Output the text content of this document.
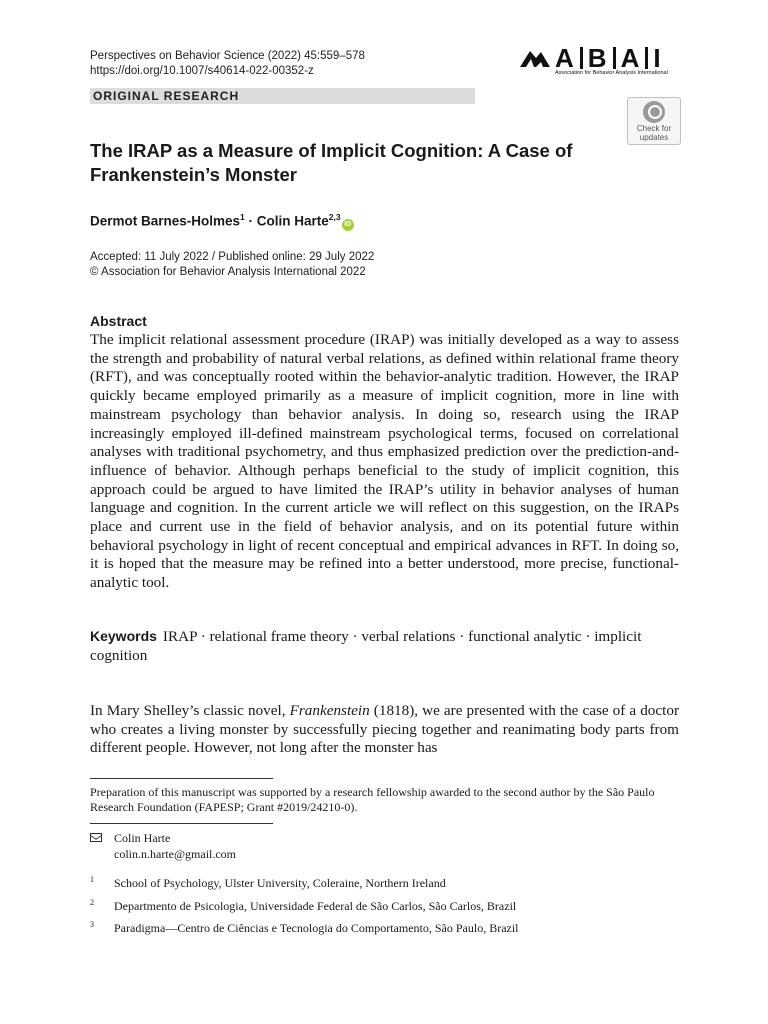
Perspectives on Behavior Science (2022) 45:559–578
https://doi.org/10.1007/s40614-022-00352-z	A B A I
Association for Behavior Analysis International
ORIGINAL RESEARCH
Check for
updates
The IRAP as a Measure of Implicit Cognition: A Case of Frankenstein’s Monster
Dermot Barnes-Holmes$^1$ · Colin Harte$^{2,3}$iD
Accepted: 11 July 2022 / Published online: 29 July 2022
© Association for Behavior Analysis International 2022
Abstract
The implicit relational assessment procedure (IRAP) was initially developed as a way to assess the strength and probability of natural verbal relations, as defined within relational frame theory (RFT), and was conceptually rooted within the behavior-analytic tradition. However, the IRAP quickly became employed primarily as a measure of implicit cognition, more in line with mainstream psychology than behavior analysis. In doing so, research using the IRAP increasingly employed ill-defined mainstream psychological terms, focused on correlational analyses with traditional psychometry, and thus emphasized prediction over the prediction-and-influence of behavior. Although perhaps beneficial to the study of implicit cognition, this approach could be argued to have limited the IRAP’s utility in behavior analyses of human language and cognition. In the current article we will reflect on this suggestion, on the IRAPs place and current use in the field of behavior analysis, and on its potential future within behavioral psychology in light of recent conceptual and empirical advances in RFT. In doing so, it is hoped that the measure may be refined into a better understood, more precise, functional-analytic tool.
Keywords IRAP · relational frame theory · verbal relations · functional analytic · implicit cognition
In Mary Shelley’s classic novel, Frankenstein (1818), we are presented with the case of a doctor who creates a living monster by successfully piecing together and reanimating body parts from different people. However, not long after the monster has
Preparation of this manuscript was supported by a research fellowship awarded to the second author by the São Paulo Research Foundation (FAPESP; Grant #2019/24210-0).
Colin Harte
colin.n.harte@gmail.com
1 School of Psychology, Ulster University, Coleraine, Northern Ireland
2 Departmento de Psicologia, Universidade Federal de São Carlos, São Carlos, Brazil
3 Paradigma—Centro de Ciências e Tecnologia do Comportamento, São Paulo, Brazil
